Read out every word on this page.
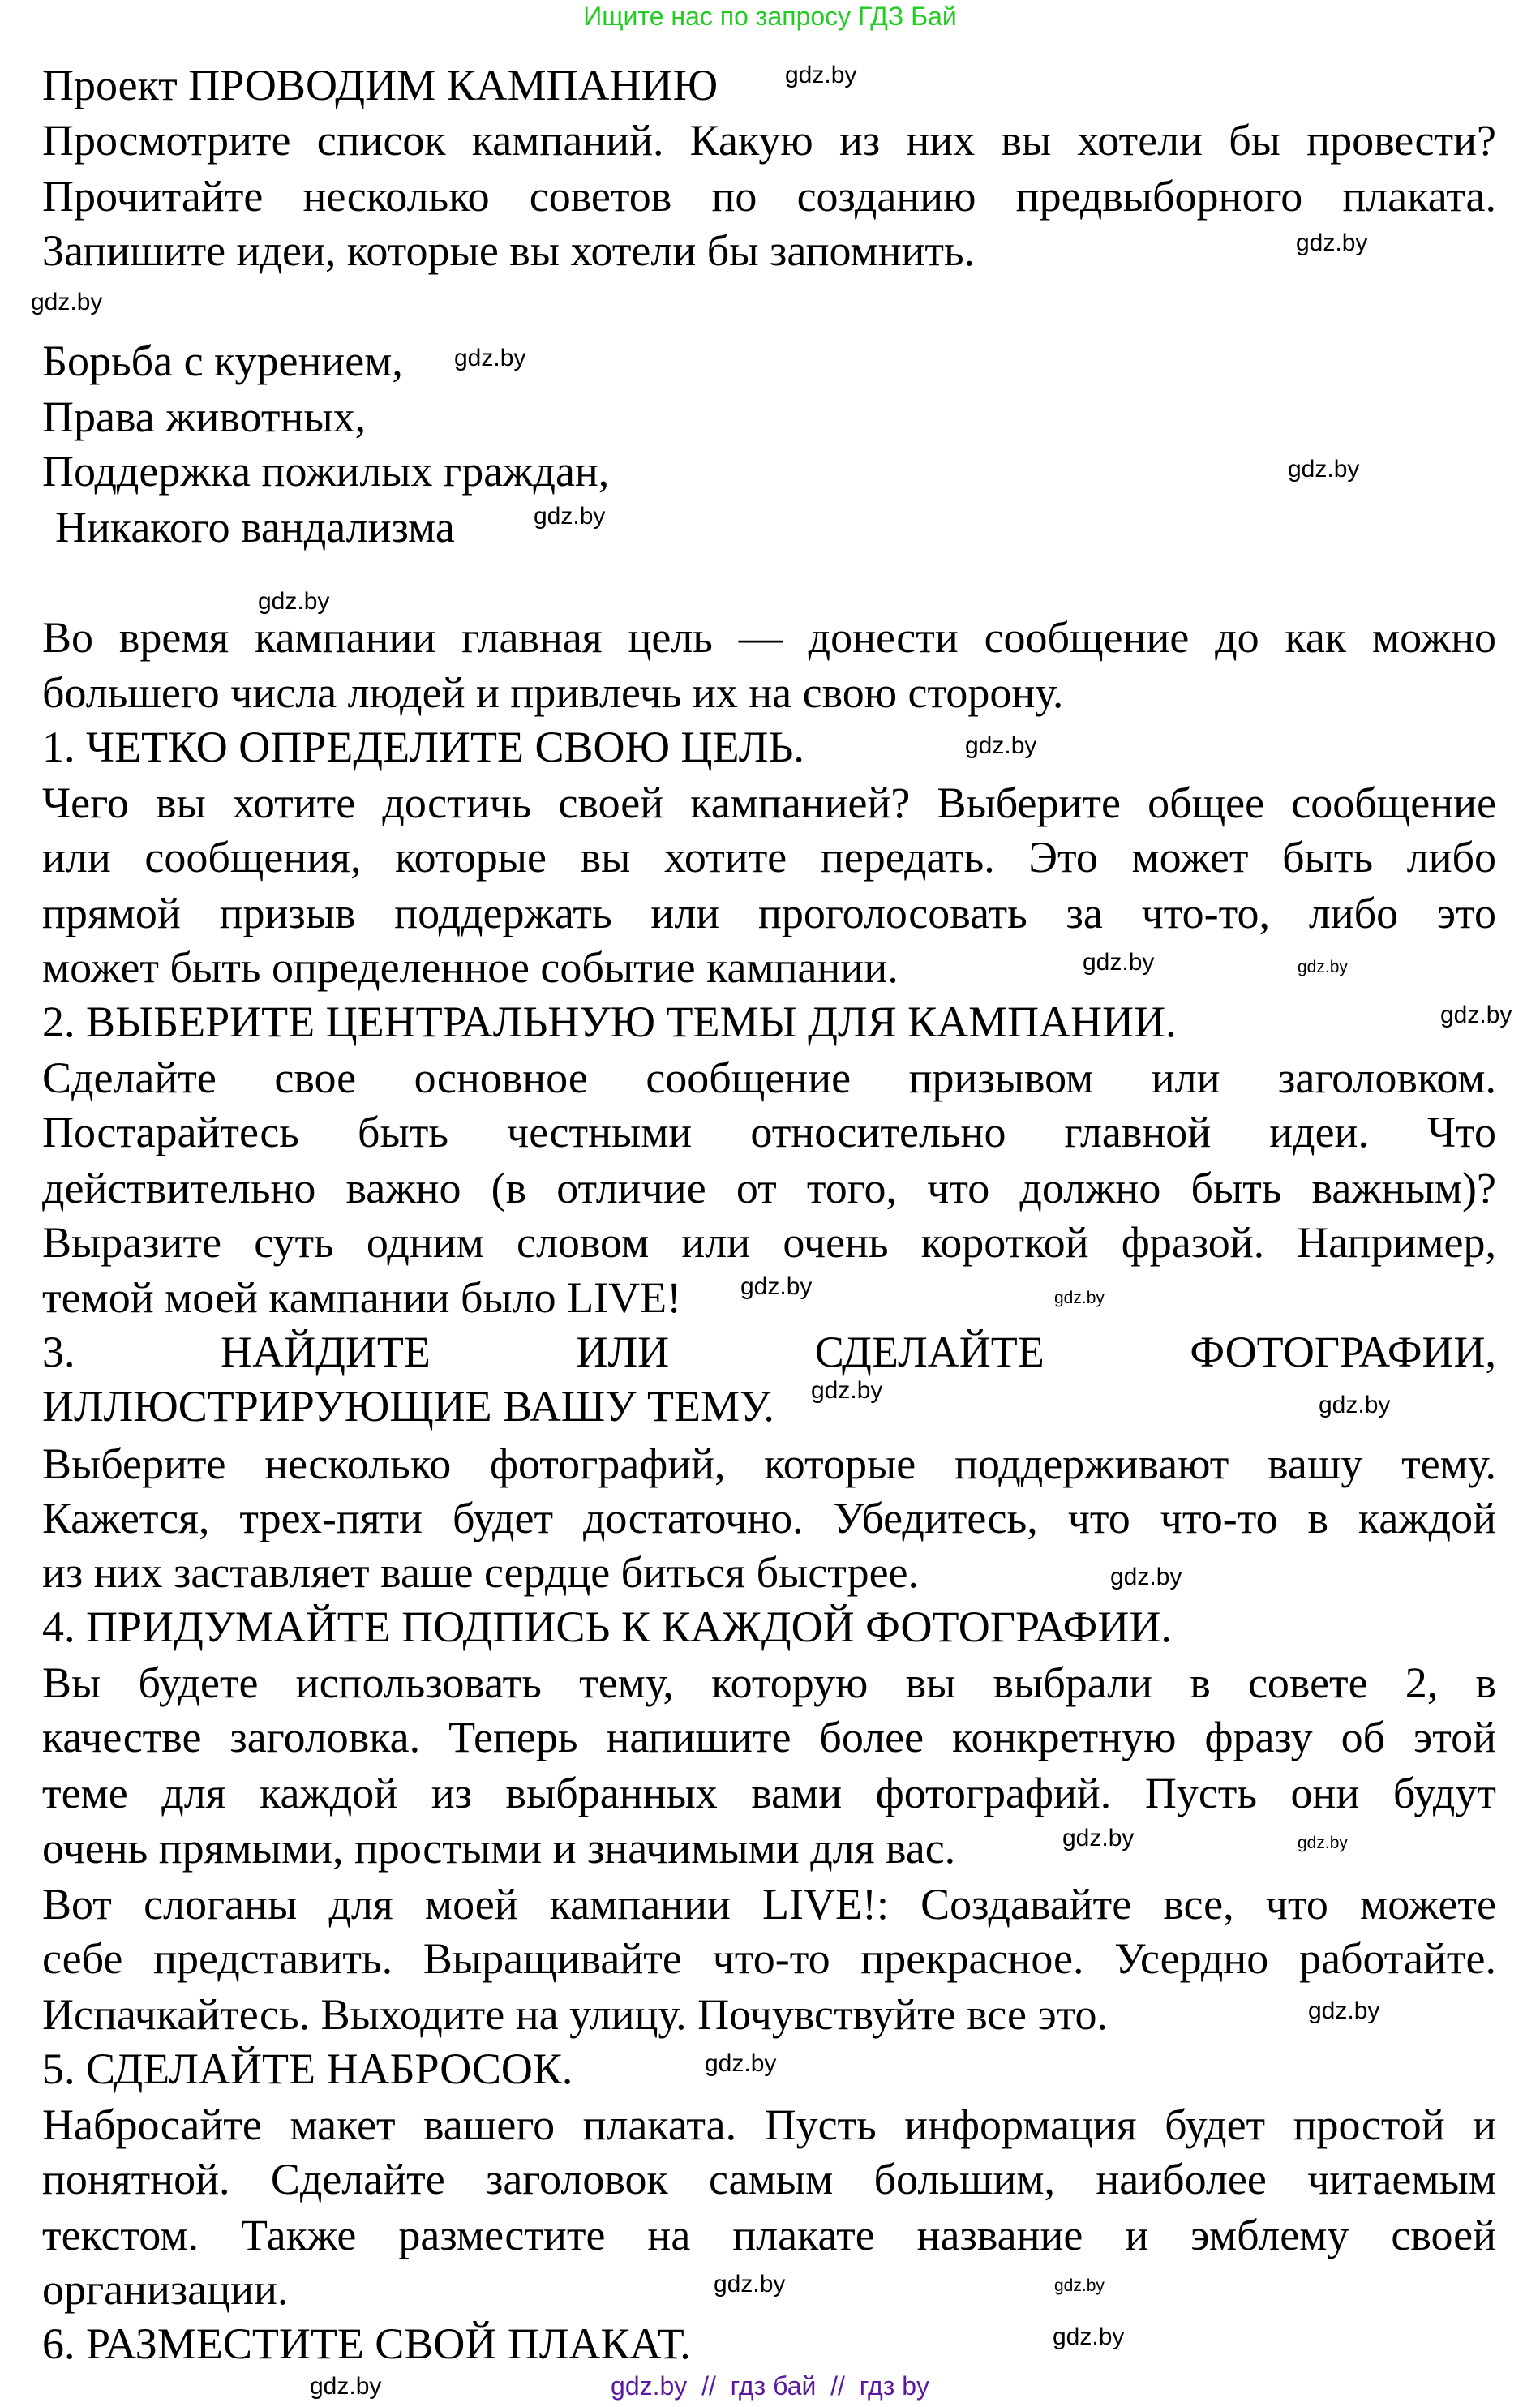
Ищите нас по запросу ГДЗ Бай
Проект ПРОВОДИМ КАМПАНИЮ
Просмотрите список кампаний. Какую из них вы хотели бы провести?
Прочитайте несколько советов по созданию предвыборного плаката.
Запишите идеи, которые вы хотели бы запомнить.
Борьба с курением,
Права животных,
Поддержка пожилых граждан,
Никакого вандализма
Во время кампании главная цель — донести сообщение до как можно
большего числа людей и привлечь их на свою сторону.
1. ЧЕТКО ОПРЕДЕЛИТЕ СВОЮ ЦЕЛЬ.
Чего вы хотите достичь своей кампанией? Выберите общее сообщение
или сообщения, которые вы хотите передать. Это может быть либо
прямой призыв поддержать или проголосовать за что-то, либо это
может быть определенное событие кампании.
2. ВЫБЕРИТЕ ЦЕНТРАЛЬНУЮ ТЕМЫ ДЛЯ КАМПАНИИ.
Сделайте свое основное сообщение призывом или заголовком.
Постарайтесь быть честными относительно главной идеи. Что
действительно важно (в отличие от того, что должно быть важным)?
Выразите суть одним словом или очень короткой фразой. Например,
темой моей кампании было LIVE!
3. НАЙДИТЕ ИЛИ СДЕЛАЙТЕ ФОТОГРАФИИ,
ИЛЛЮСТРИРУЮЩИЕ ВАШУ ТЕМУ.
Выберите несколько фотографий, которые поддерживают вашу тему.
Кажется, трех-пяти будет достаточно. Убедитесь, что что-то в каждой
из них заставляет ваше сердце биться быстрее.
4. ПРИДУМАЙТЕ ПОДПИСЬ К КАЖДОЙ ФОТОГРАФИИ.
Вы будете использовать тему, которую вы выбрали в совете 2, в
качестве заголовка. Теперь напишите более конкретную фразу об этой
теме для каждой из выбранных вами фотографий. Пусть они будут
очень прямыми, простыми и значимыми для вас.
Вот слоганы для моей кампании LIVE!: Создавайте все, что можете
себе представить. Выращивайте что-то прекрасное. Усердно работайте.
Испачкайтесь. Выходите на улицу. Почувствуйте все это.
5. СДЕЛАЙТЕ НАБРОСОК.
Набросайте макет вашего плаката. Пусть информация будет простой и
понятной. Сделайте заголовок самым большим, наиболее читаемым
текстом. Также разместите на плакате название и эмблему своей
организации.
6. РАЗМЕСТИТЕ СВОЙ ПЛАКАТ.
gdz.by
gdz.by
gdz.by
gdz.by
gdz.by
gdz.by
gdz.by
gdz.by
gdz.by
gdz.by
gdz.by
gdz.by
gdz.by
gdz.by
gdz.by
gdz.by
gdz.by
gdz.by
gdz.by
gdz.by
gdz.by
gdz.by
gdz.by
gdz.by	gdz.by  //  гдз бай  //  гдз by
